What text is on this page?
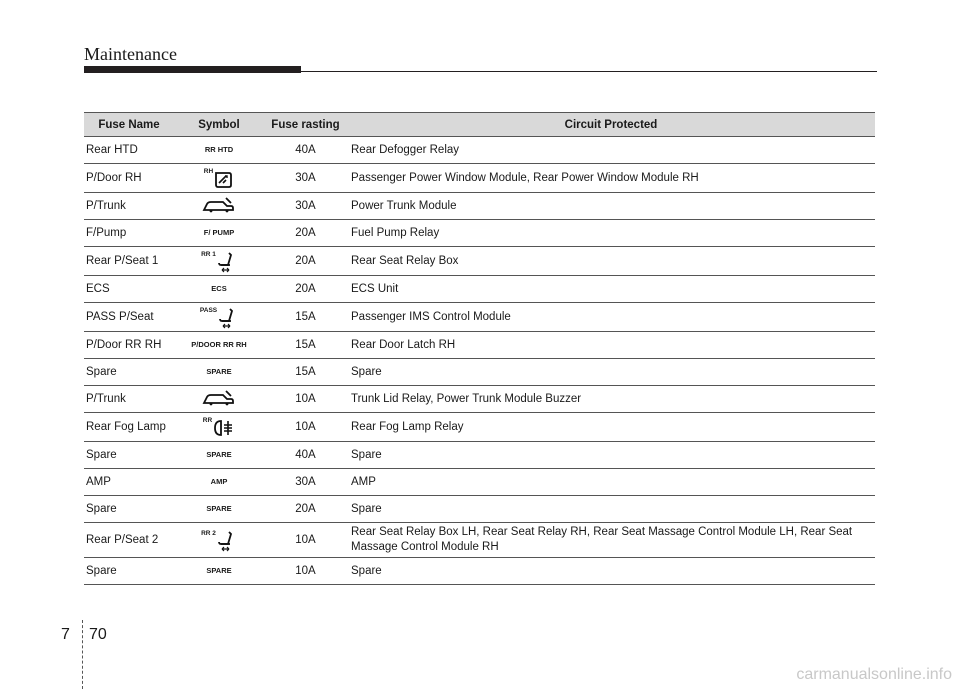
Maintenance
Fuse Name	Symbol	Fuse rasting	Circuit Protected
Rear HTD	RR HTD	40A	Rear Defogger Relay
P/Door RH	RH	30A	Passenger Power Window Module, Rear Power Window Module RH
P/Trunk		30A	Power Trunk Module
F/Pump	F/ PUMP	20A	Fuel Pump Relay
Rear P/Seat 1	RR 1	20A	Rear Seat Relay Box
ECS	ECS	20A	ECS Unit
PASS P/Seat	PASS	15A	Passenger IMS Control Module
P/Door RR RH	P/DOOR RR RH	15A	Rear Door Latch RH
Spare	SPARE	15A	Spare
P/Trunk		10A	Trunk Lid Relay, Power Trunk Module Buzzer
Rear Fog Lamp	RR	10A	Rear Fog Lamp Relay
Spare	SPARE	40A	Spare
AMP	AMP	30A	AMP
Spare	SPARE	20A	Spare
Rear P/Seat 2	RR 2	10A	Rear Seat Relay Box LH, Rear Seat Relay RH, Rear Seat Massage Control Module LH, Rear Seat Massage Control Module RH
Spare	SPARE	10A	Spare
7 70
carmanualsonline.info
